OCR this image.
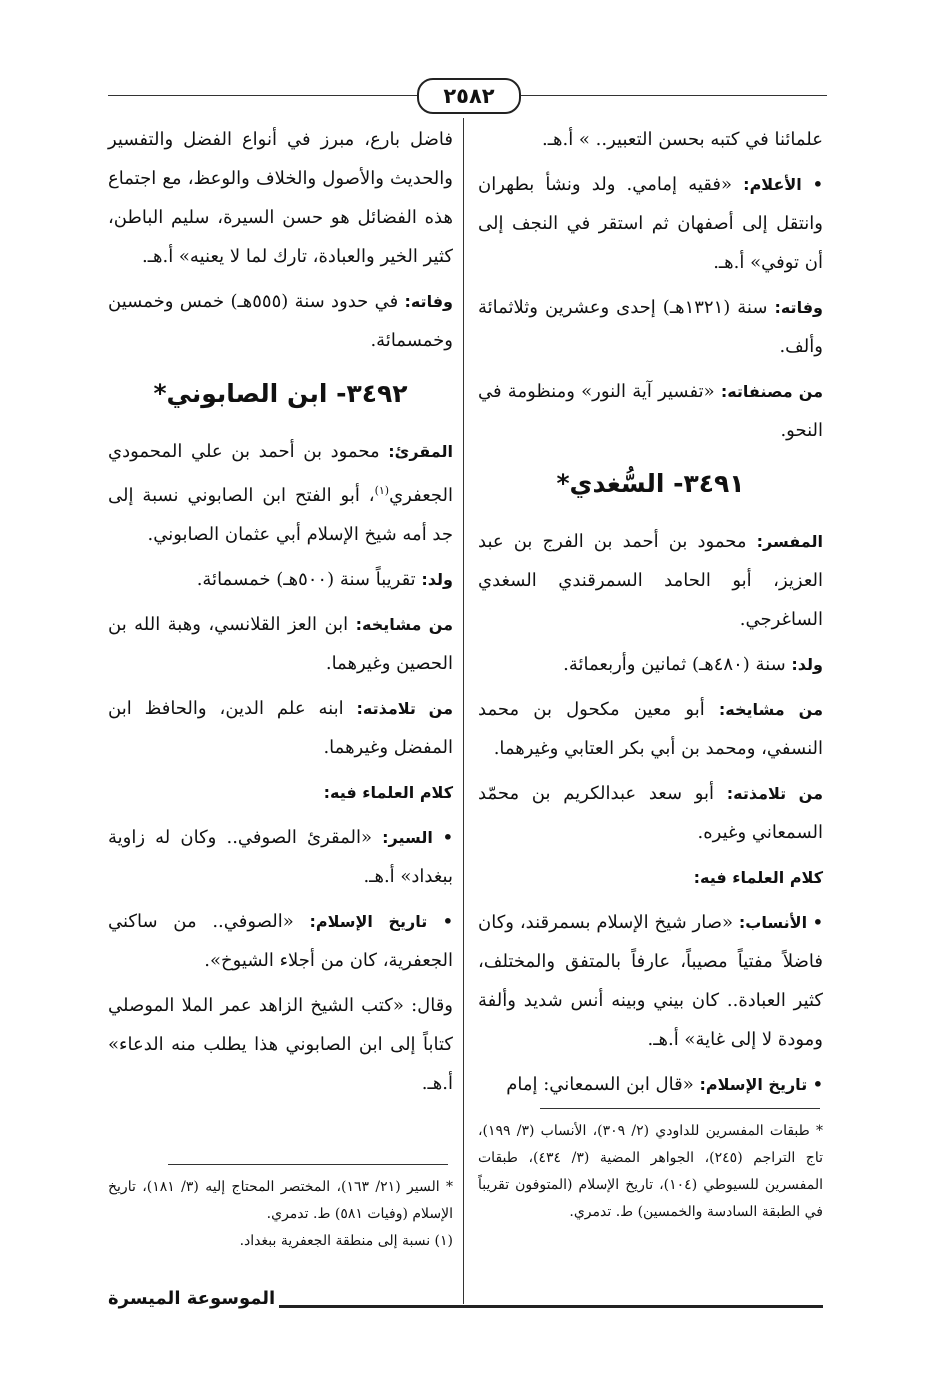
٢٥٨٢

علمائنا في كتبه بحسن التعبير.. » أ.هـ.

• الأعلام: «فقيه إمامي. ولد ونشأ بطهران وانتقل إلى أصفهان ثم استقر في النجف إلى أن توفي» أ.هـ.

وفاته: سنة (١٣٢١هـ) إحدى وعشرين وثلاثمائة وألف.

من مصنفاته: «تفسير آية النور» ومنظومة في النحو.

٣٤٩١- السُّغدي*

المفسر: محمود بن أحمد بن الفرج بن عبد العزيز، أبو الحامد السمرقندي السغدي الساغرجي.

ولد: سنة (٤٨٠هـ) ثمانين وأربعمائة.

من مشايخه: أبو معين مكحول بن محمد النسفي، ومحمد بن أبي بكر العتابي وغيرهما.

من تلامذته: أبو سعد عبدالكريم بن محمّد السمعاني وغيره.

كلام العلماء فيه:

• الأنساب: «صار شيخ الإسلام بسمرقند، وكان فاضلاً مفتياً مصيباً، عارفاً بالمتفق والمختلف، كثير العبادة.. كان بيني وبينه أنس شديد وألفة ومودة لا إلى غاية» أ.هـ.

• تاريخ الإسلام: «قال ابن السمعاني: إمام

فاضل بارع، مبرز في أنواع الفضل والتفسير والحديث والأصول والخلاف والوعظ، مع اجتماع هذه الفضائل هو حسن السيرة، سليم الباطن، كثير الخير والعبادة، تارك لما لا يعنيه» أ.هـ.

وفاته: في حدود سنة (٥٥٥هـ) خمس وخمسين وخمسمائة.

٣٤٩٢- ابن الصابوني*

المقرئ: محمود بن أحمد بن علي المحمودي الجعفري$^{(١)}$، أبو الفتح ابن الصابوني نسبة إلى جد أمه شيخ الإسلام أبي عثمان الصابوني.

ولد: تقريباً سنة (٥٠٠هـ) خمسمائة.

من مشايخه: ابن العز القلانسي، وهبة الله بن الحصين وغيرهما.

من تلامذته: ابنه علم الدين، والحافظ ابن المفضل وغيرهما.

كلام العلماء فيه:

• السير: «المقرئ الصوفي.. وكان له زاوية ببغداد» أ.هـ.

• تاريخ الإسلام: «الصوفي.. من ساكني الجعفرية، كان من أجلاء الشيوخ».

وقال: «كتب الشيخ الزاهد عمر الملا الموصلي كتاباً إلى ابن الصابوني هذا يطلب منه الدعاء» أ.هـ.

* طبقات المفسرين للداودي (٢/ ٣٠٩)، الأنساب (٣/ ١٩٩)، تاج التراجم (٢٤٥)، الجواهر المضية (٣/ ٤٣٤)، طبقات المفسرين للسيوطي (١٠٤)، تاريخ الإسلام (المتوفون تقريباً في الطبقة السادسة والخمسين) ط. تدمري.
* السير (٢١/ ١٦٣)، المختصر المحتاج إليه (٣/ ١٨١)، تاريخ الإسلام (وفيات ٥٨١) ط. تدمري.
(١) نسبة إلى منطقة الجعفرية ببغداد.
الموسوعة الميسرة
